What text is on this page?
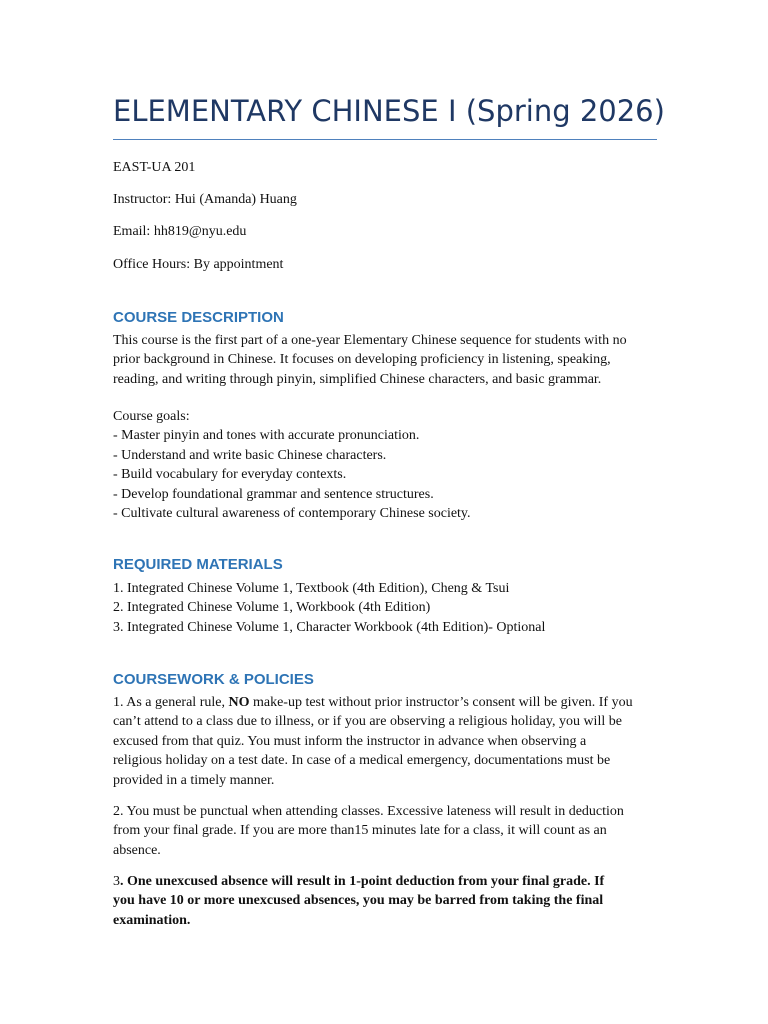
ELEMENTARY CHINESE I (Spring 2026)
EAST-UA 201
Instructor: Hui (Amanda) Huang
Email: hh819@nyu.edu
Office Hours: By appointment
COURSE DESCRIPTION
This course is the first part of a one-year Elementary Chinese sequence for students with no
prior background in Chinese. It focuses on developing proficiency in listening, speaking,
reading, and writing through pinyin, simplified Chinese characters, and basic grammar.
Course goals:
- Master pinyin and tones with accurate pronunciation.
- Understand and write basic Chinese characters.
- Build vocabulary for everyday contexts.
- Develop foundational grammar and sentence structures.
- Cultivate cultural awareness of contemporary Chinese society.
REQUIRED MATERIALS
1. Integrated Chinese Volume 1, Textbook (4th Edition), Cheng & Tsui
2. Integrated Chinese Volume 1, Workbook (4th Edition)
3. Integrated Chinese Volume 1, Character Workbook (4th Edition)- Optional
COURSEWORK & POLICIES
1. As a general rule, NO make-up test without prior instructor’s consent will be given. If you
can’t attend to a class due to illness, or if you are observing a religious holiday, you will be
excused from that quiz. You must inform the instructor in advance when observing a
religious holiday on a test date. In case of a medical emergency, documentations must be
provided in a timely manner.
2. You must be punctual when attending classes. Excessive lateness will result in deduction
from your final grade. If you are more than15 minutes late for a class, it will count as an
absence.
3. One unexcused absence will result in 1-point deduction from your final grade. If
you have 10 or more unexcused absences, you may be barred from taking the final
examination.
